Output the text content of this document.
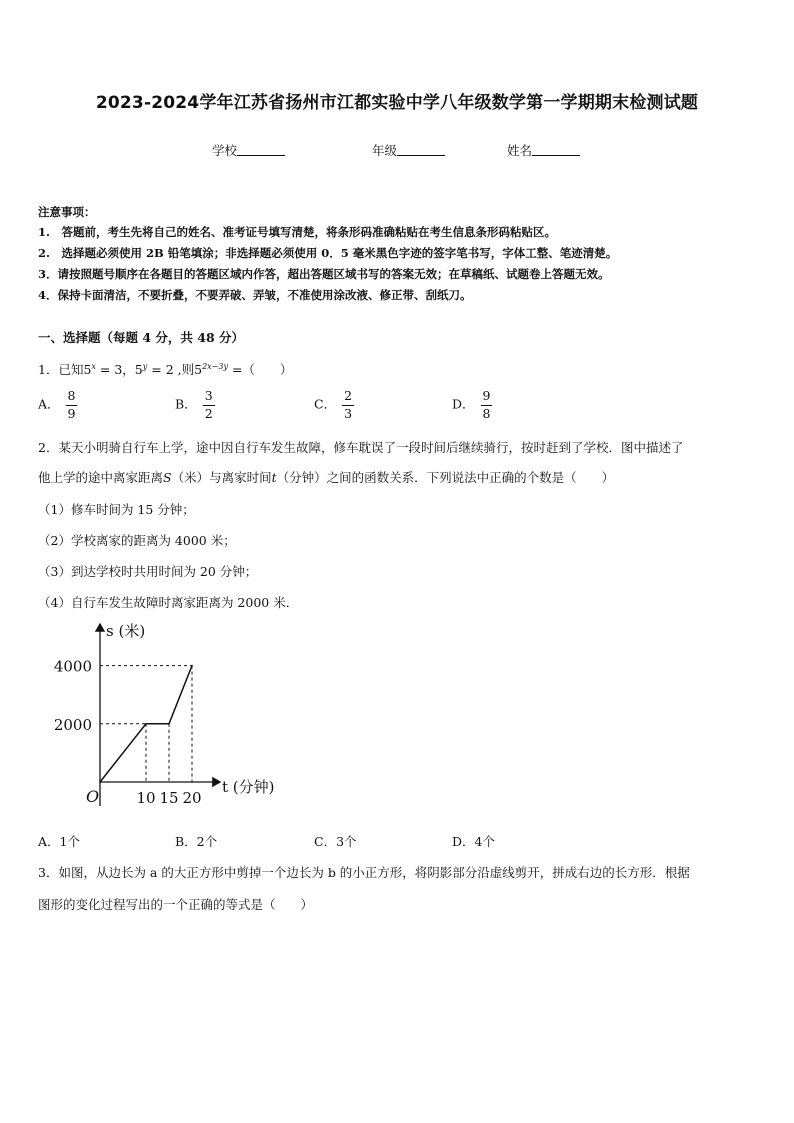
2023-2024学年江苏省扬州市江都实验中学八年级数学第一学期期末检测试题
学校	年级	姓名
注意事项：
1.　答题前，考生先将自己的姓名、准考证号填写清楚，将条形码准确粘贴在考生信息条形码粘贴区。
2.　选择题必须使用 2B 铅笔填涂；非选择题必须使用 0．5 毫米黑色字迹的签字笔书写，字体工整、笔迹清楚。
3．请按照题号顺序在各题目的答题区域内作答，超出答题区域书写的答案无效；在草稿纸、试题卷上答题无效。
4．保持卡面清洁，不要折叠，不要弄破、弄皱，不准使用涂改液、修正带、刮纸刀。
一、选择题（每题 4 分，共 48 分）
1．已知$5^x = 3$，$5^y = 2$ ,则$5^{2x-3y}$ =（　　）
A． $\frac{8}{9}$	B． $\frac{3}{2}$	C． $\frac{2}{3}$	D． $\frac{9}{8}$
2．某天小明骑自行车上学，途中因自行车发生故障，修车耽误了一段时间后继续骑行，按时赶到了学校．图中描述了
他上学的途中离家距离S（米）与离家时间t（分钟）之间的函数关系．下列说法中正确的个数是（　　）
（1）修车时间为 15 分钟；
（2）学校离家的距离为 4000 米；
（3）到达学校时共用时间为 20 分钟；
（4）自行车发生故障时离家距离为 2000 米．
10 15 20
2000
4000
O	t (分钟)
s (米)
A．1个	B．2个	C．3个	D．4个
3．如图，从边长为 a 的大正方形中剪掉一个边长为 b 的小正方形，将阴影部分沿虚线剪开，拼成右边的长方形．根据
图形的变化过程写出的一个正确的等式是（　　）
